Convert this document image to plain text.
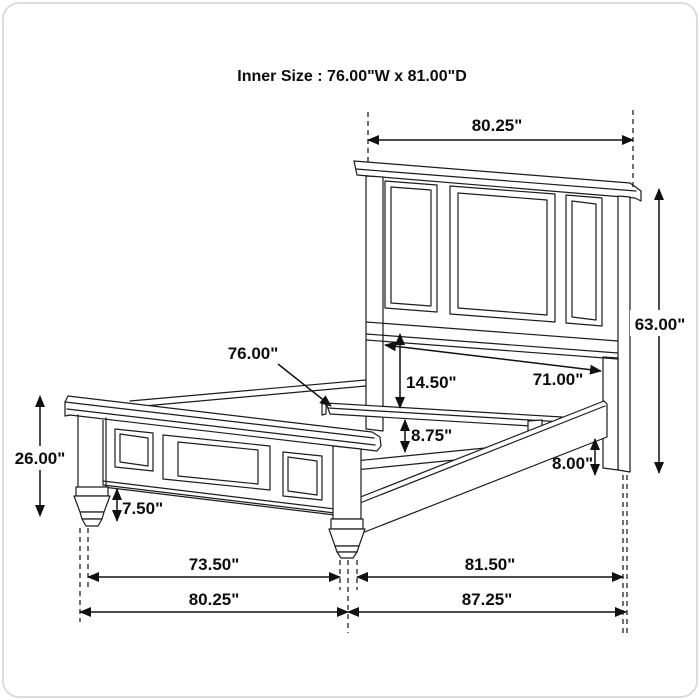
Inner Size : 76.00"W x 81.00"D
80.25"
63.00"
76.00"
71.00"
14.50"
8.75"
8.00"
26.00"
7.50"
73.50"	81.50"
80.25"	87.25"
